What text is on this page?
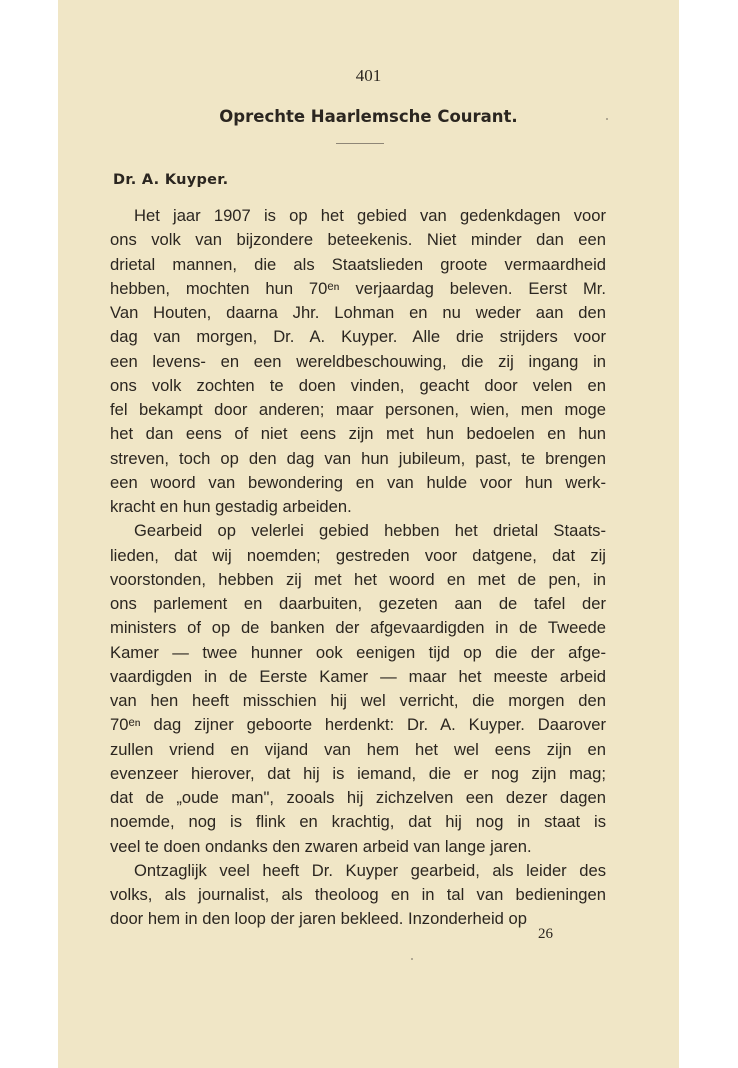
401
Oprechte Haarlemsche Courant.
Dr. A. Kuyper.
Het jaar 1907 is op het gebied van gedenkdagen voor
ons volk van bijzondere beteekenis. Niet minder dan een
drietal mannen, die als Staatslieden groote vermaardheid
hebben, mochten hun 70ᵉⁿ verjaardag beleven. Eerst Mr.
Van Houten, daarna Jhr. Lohman en nu weder aan den
dag van morgen, Dr. A. Kuyper. Alle drie strijders voor
een levens- en een wereldbeschouwing, die zij ingang in
ons volk zochten te doen vinden, geacht door velen en
fel bekampt door anderen; maar personen, wien, men moge
het dan eens of niet eens zijn met hun bedoelen en hun
streven, toch op den dag van hun jubileum, past, te brengen
een woord van bewondering en van hulde voor hun werk-
kracht en hun gestadig arbeiden.
Gearbeid op velerlei gebied hebben het drietal Staats-
lieden, dat wij noemden; gestreden voor datgene, dat zij
voorstonden, hebben zij met het woord en met de pen, in
ons parlement en daarbuiten, gezeten aan de tafel der
ministers of op de banken der afgevaardigden in de Tweede
Kamer — twee hunner ook eenigen tijd op die der afge-
vaardigden in de Eerste Kamer — maar het meeste arbeid
van hen heeft misschien hij wel verricht, die morgen den
70ᵉⁿ dag zijner geboorte herdenkt: Dr. A. Kuyper. Daarover
zullen vriend en vijand van hem het wel eens zijn en
evenzeer hierover, dat hij is iemand, die er nog zijn mag;
dat de „oude man", zooals hij zichzelven een dezer dagen
noemde, nog is flink en krachtig, dat hij nog in staat is
veel te doen ondanks den zwaren arbeid van lange jaren.
Ontzaglijk veel heeft Dr. Kuyper gearbeid, als leider des
volks, als journalist, als theoloog en in tal van bedieningen
door hem in den loop der jaren bekleed. Inzonderheid op
26
